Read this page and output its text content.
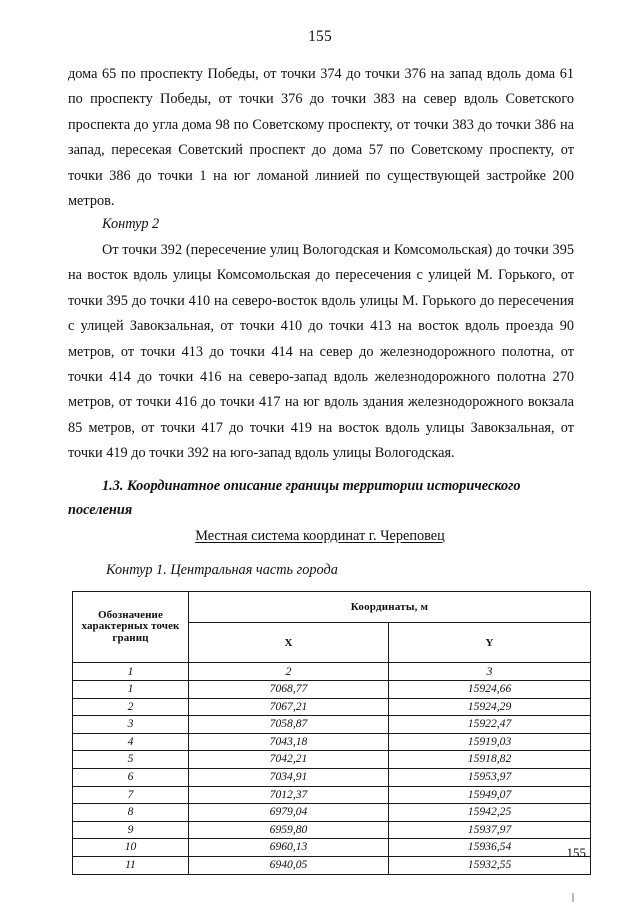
155

дома 65 по проспекту Победы, от точки 374 до точки 376 на запад вдоль дома 61 по проспекту Победы, от точки 376 до точки 383 на север вдоль Советского проспекта до угла дома 98 по Советскому проспекту, от точки 383 до точки 386 на запад, пересекая Советский проспект до дома 57 по Советскому проспекту, от точки 386 до точки 1 на юг ломаной линией по существующей застройке 200 метров.

Контур 2

От точки 392 (пересечение улиц Вологодская и Комсомольская) до точки 395 на восток вдоль улицы Комсомольская до пересечения с улицей М. Горького, от точки 395 до точки 410 на северо-восток вдоль улицы М. Горького до пересечения с улицей Завокзальная, от точки 410 до точки 413 на восток вдоль проезда 90 метров, от точки 413 до точки 414 на север до железнодорожного полотна, от точки 414 до точки 416 на северо-запад вдоль железнодорожного полотна 270 метров, от точки 416 до точки 417 на юг вдоль здания железнодорожного вокзала 85 метров, от точки 417 до точки 419 на восток вдоль улицы Завокзальная, от точки 419 до точки 392 на юго-запад вдоль улицы Вологодская.

1.3. Координатное описание границы территории исторического поселения
Местная система координат г. Череповец
Контур 1. Центральная часть города
Обозначение характерных точек границ	Координаты, м	
	X	Y
1	2	3
1	7068,77	15924,66
2	7067,21	15924,29
3	7058,87	15922,47
4	7043,18	15919,03
5	7042,21	15918,82
6	7034,91	15953,97
7	7012,37	15949,07
8	6979,04	15942,25
9	6959,80	15937,97
10	6960,13	15936,54
11	6940,05	15932,55
155
